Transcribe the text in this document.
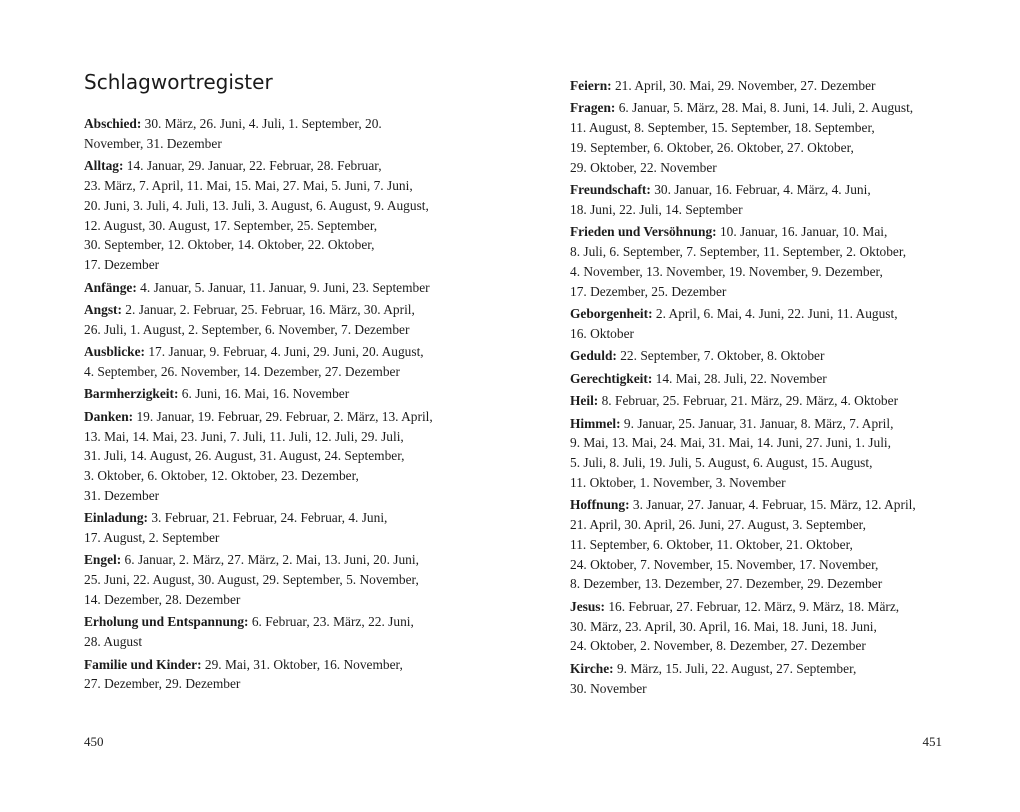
Schlagwortregister

Abschied: 30. März, 26. Juni, 4. Juli, 1. September, 20.
November, 31. Dezember

Alltag: 14. Januar, 29. Januar, 22. Februar, 28. Februar,
23. März, 7. April, 11. Mai, 15. Mai, 27. Mai, 5. Juni, 7. Juni,
20. Juni, 3. Juli, 4. Juli, 13. Juli, 3. August, 6. August, 9. August,
12. August, 30. August, 17. September, 25. September,
30. September, 12. Oktober, 14. Oktober, 22. Oktober,
17. Dezember

Anfänge: 4. Januar, 5. Januar, 11. Januar, 9. Juni, 23. September

Angst: 2. Januar, 2. Februar, 25. Februar, 16. März, 30. April,
26. Juli, 1. August, 2. September, 6. November, 7. Dezember

Ausblicke: 17. Januar, 9. Februar, 4. Juni, 29. Juni, 20. August,
4. September, 26. November, 14. Dezember, 27. Dezember

Barmherzigkeit: 6. Juni, 16. Mai, 16. November

Danken: 19. Januar, 19. Februar, 29. Februar, 2. März, 13. April,
13. Mai, 14. Mai, 23. Juni, 7. Juli, 11. Juli, 12. Juli, 29. Juli,
31. Juli, 14. August, 26. August, 31. August, 24. September,
3. Oktober, 6. Oktober, 12. Oktober, 23. Dezember,
31. Dezember

Einladung: 3. Februar, 21. Februar, 24. Februar, 4. Juni,
17. August, 2. September

Engel: 6. Januar, 2. März, 27. März, 2. Mai, 13. Juni, 20. Juni,
25. Juni, 22. August, 30. August, 29. September, 5. November,
14. Dezember, 28. Dezember

Erholung und Entspannung: 6. Februar, 23. März, 22. Juni,
28. August

Familie und Kinder: 29. Mai, 31. Oktober, 16. November,
27. Dezember, 29. Dezember

450

Feiern: 21. April, 30. Mai, 29. November, 27. Dezember

Fragen: 6. Januar, 5. März, 28. Mai, 8. Juni, 14. Juli, 2. August,
11. August, 8. September, 15. September, 18. September,
19. September, 6. Oktober, 26. Oktober, 27. Oktober,
29. Oktober, 22. November

Freundschaft: 30. Januar, 16. Februar, 4. März, 4. Juni,
18. Juni, 22. Juli, 14. September

Frieden und Versöhnung: 10. Januar, 16. Januar, 10. Mai,
8. Juli, 6. September, 7. September, 11. September, 2. Oktober,
4. November, 13. November, 19. November, 9. Dezember,
17. Dezember, 25. Dezember

Geborgenheit: 2. April, 6. Mai, 4. Juni, 22. Juni, 11. August,
16. Oktober

Geduld: 22. September, 7. Oktober, 8. Oktober

Gerechtigkeit: 14. Mai, 28. Juli, 22. November

Heil: 8. Februar, 25. Februar, 21. März, 29. März, 4. Oktober

Himmel: 9. Januar, 25. Januar, 31. Januar, 8. März, 7. April,
9. Mai, 13. Mai, 24. Mai, 31. Mai, 14. Juni, 27. Juni, 1. Juli,
5. Juli, 8. Juli, 19. Juli, 5. August, 6. August, 15. August,
11. Oktober, 1. November, 3. November

Hoffnung: 3. Januar, 27. Januar, 4. Februar, 15. März, 12. April,
21. April, 30. April, 26. Juni, 27. August, 3. September,
11. September, 6. Oktober, 11. Oktober, 21. Oktober,
24. Oktober, 7. November, 15. November, 17. November,
8. Dezember, 13. Dezember, 27. Dezember, 29. Dezember

Jesus: 16. Februar, 27. Februar, 12. März, 9. März, 18. März,
30. März, 23. April, 30. April, 16. Mai, 18. Juni, 18. Juni,
24. Oktober, 2. November, 8. Dezember, 27. Dezember

Kirche: 9. März, 15. Juli, 22. August, 27. September,
30. November

451
